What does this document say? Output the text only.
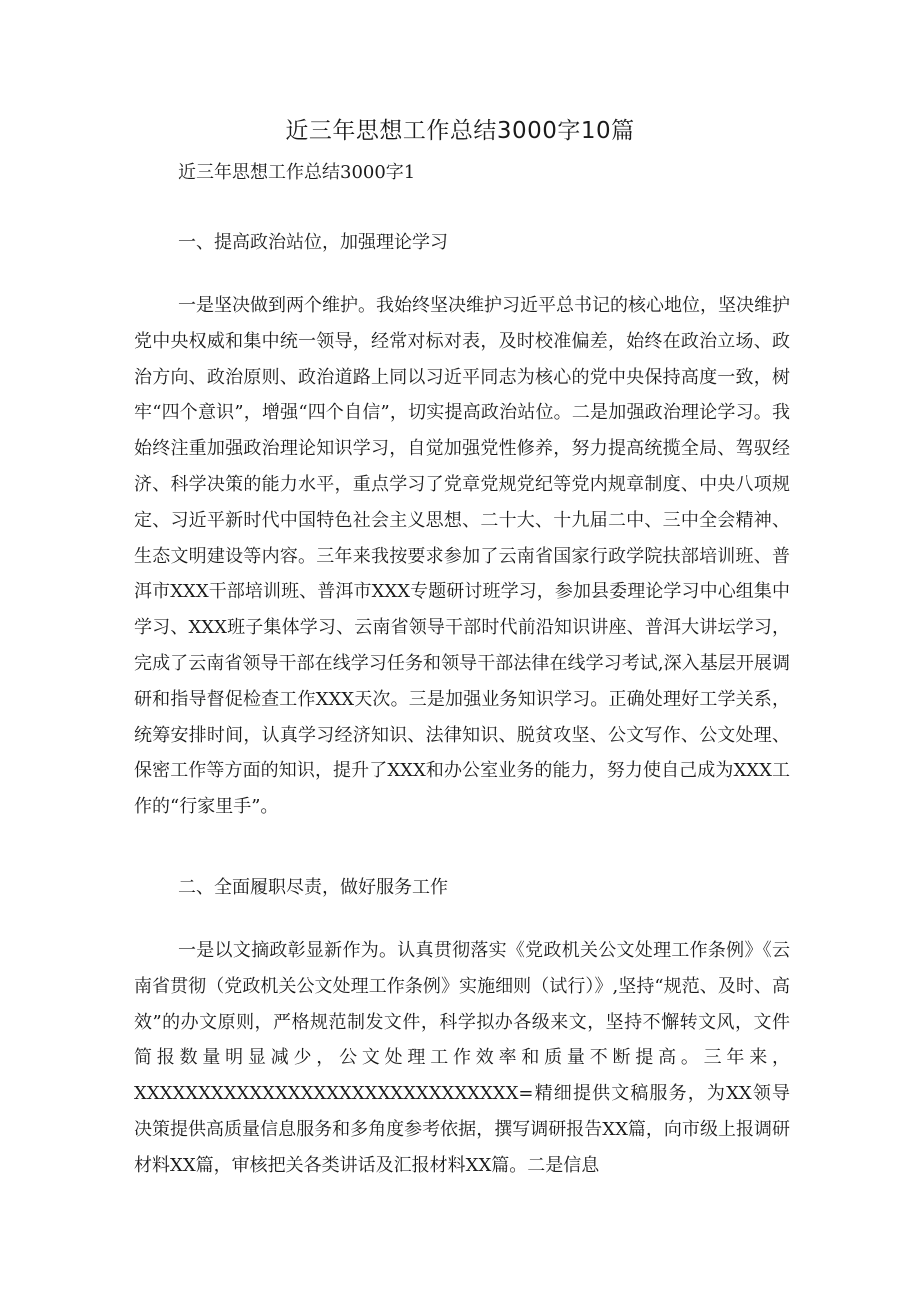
近三年思想工作总结3000字10篇

近三年思想工作总结3000字1

一、提高政治站位，加强理论学习

一是坚决做到两个维护。我始终坚决维护习近平总书记的核心地位，坚决维护党中央权威和集中统一领导，经常对标对表，及时校准偏差，始终在政治立场、政治方向、政治原则、政治道路上同以习近平同志为核心的党中央保持高度一致，树牢“四个意识”，增强“四个自信”，切实提高政治站位。二是加强政治理论学习。我始终注重加强政治理论知识学习，自觉加强党性修养，努力提高统揽全局、驾驭经济、科学决策的能力水平，重点学习了党章党规党纪等党内规章制度、中央八项规定、习近平新时代中国特色社会主义思想、二十大、十九届二中、三中全会精神、生态文明建设等内容。三年来我按要求参加了云南省国家行政学院扶部培训班、普洱市XXX干部培训班、普洱市XXX专题研讨班学习，参加县委理论学习中心组集中学习、XXX班子集体学习、云南省领导干部时代前沿知识讲座、普洱大讲坛学习，完成了云南省领导干部在线学习任务和领导干部法律在线学习考试,深入基层开展调研和指导督促检查工作XXX天次。三是加强业务知识学习。正确处理好工学关系，统筹安排时间，认真学习经济知识、法律知识、脱贫攻坚、公文写作、公文处理、保密工作等方面的知识，提升了XXX和办公室业务的能力，努力使自己成为XXX工作的“行家里手”。

二、全面履职尽责，做好服务工作

一是以文摘政彰显新作为。认真贯彻落实《党政机关公文处理工作条例》《云南省贯彻（党政机关公文处理工作条例》实施细则（试行）》,坚持“规范、及时、高效”的办文原则，严格规范制发文件，科学拟办各级来文，坚持不懈转文风，文件简报数量明显减少，公文处理工作效率和质量不断提高。三年来，XXXXXXXXXXXXXXXXXXXXXXXXXXXXXX=精细提供文稿服务，为XX领导决策提供高质量信息服务和多角度参考依据，撰写调研报告XX篇，向市级上报调研材料XX篇，审核把关各类讲话及汇报材料XX篇。二是信息
